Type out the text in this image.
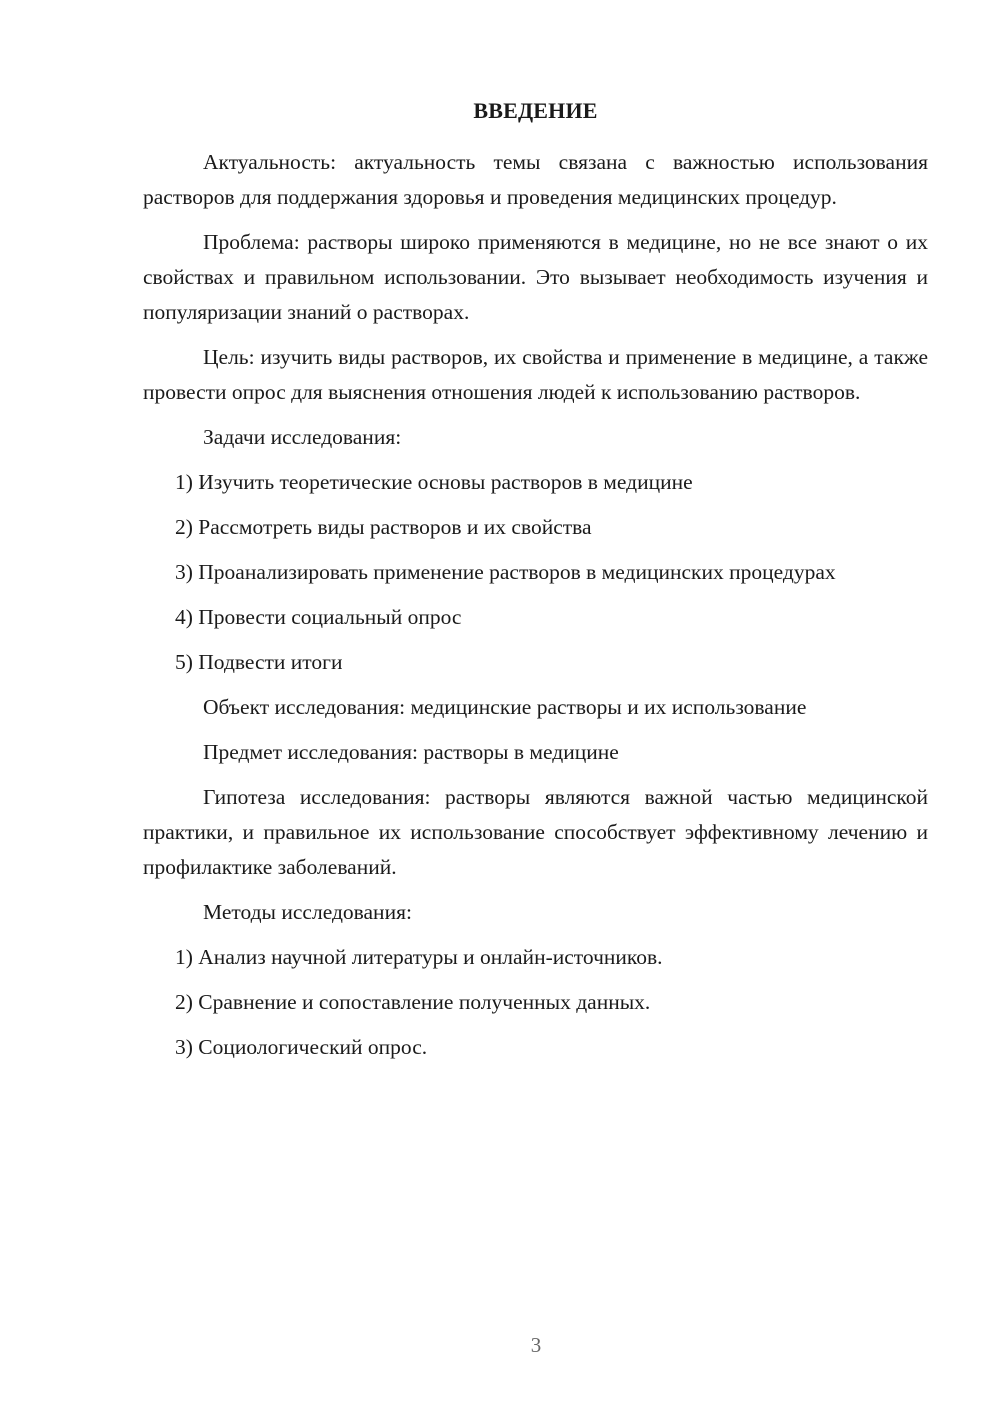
ВВЕДЕНИЕ

Актуальность: актуальность темы связана с важностью использования растворов для поддержания здоровья и проведения медицинских процедур.

Проблема: растворы широко применяются в медицине, но не все знают о их свойствах и правильном использовании. Это вызывает необходимость изучения и популяризации знаний о растворах.

Цель: изучить виды растворов, их свойства и применение в медицине, а также провести опрос для выяснения отношения людей к использованию растворов.

Задачи исследования:

1) Изучить теоретические основы растворов в медицине

2) Рассмотреть виды растворов и их свойства

3) Проанализировать применение растворов в медицинских процедурах

4) Провести социальный опрос

5) Подвести итоги

Объект исследования: медицинские растворы и их использование

Предмет исследования: растворы в медицине

Гипотеза исследования: растворы являются важной частью медицинской практики, и правильное их использование способствует эффективному лечению и профилактике заболеваний.

Методы исследования:

1) Анализ научной литературы и онлайн-источников.

2) Сравнение и сопоставление полученных данных.

3) Социологический опрос.

3
